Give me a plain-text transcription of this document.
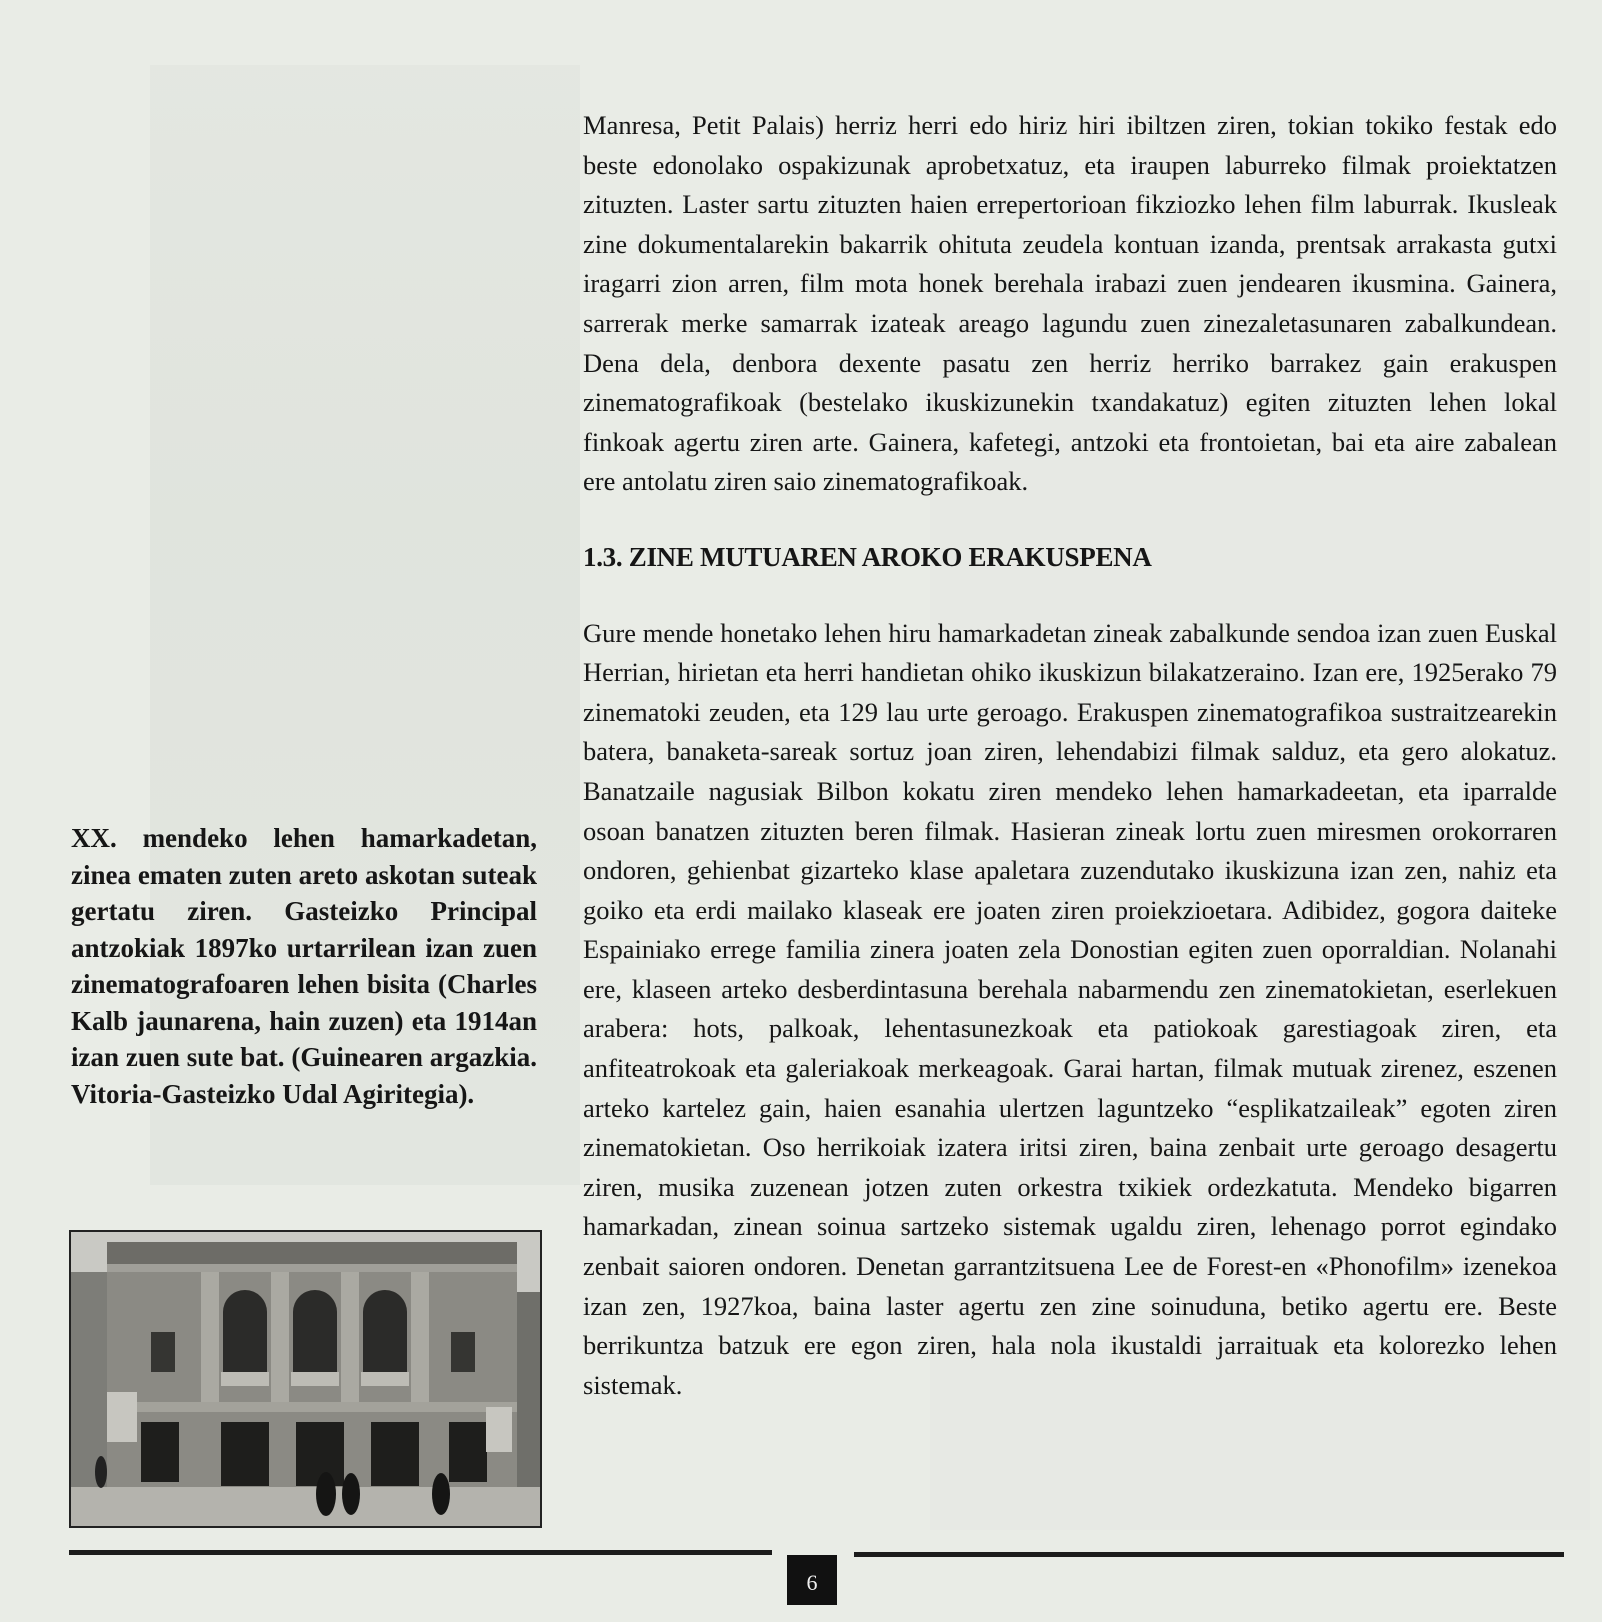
Manresa, Petit Palais) herriz herri edo hiriz hiri ibiltzen ziren, tokian tokiko festak edo beste edonolako ospakizunak aprobetxatuz, eta iraupen laburreko filmak proiektatzen zituzten. Laster sartu zituzten haien errepertorioan fikziozko lehen film laburrak. Ikusleak zine dokumentalarekin bakarrik ohituta zeudela kontuan izanda, prentsak arrakasta gutxi iragarri zion arren, film mota honek berehala irabazi zuen jendearen ikusmina. Gainera, sarrerak merke samarrak izateak areago lagundu zuen zinezaletasunaren zabalkundean. Dena dela, denbora dexente pasatu zen herriz herriko barrakez gain erakuspen zinematografikoak (bestelako ikuskizunekin txandakatuz) egiten zituzten lehen lokal finkoak agertu ziren arte. Gainera, kafetegi, antzoki eta frontoietan, bai eta aire zabalean ere antolatu ziren saio zinematografikoak.

1.3. ZINE MUTUAREN AROKO ERAKUSPENA

Gure mende honetako lehen hiru hamarkadetan zineak zabalkunde sendoa izan zuen Euskal Herrian, hirietan eta herri handietan ohiko ikuskizun bilakatzeraino. Izan ere, 1925erako 79 zinematoki zeuden, eta 129 lau urte geroago. Erakuspen zinematografikoa sustraitzearekin batera, banaketa-sareak sortuz joan ziren, lehendabizi filmak salduz, eta gero alokatuz. Banatzaile nagusiak Bilbon kokatu ziren mendeko lehen hamarkadeetan, eta iparralde osoan banatzen zituzten beren filmak. Hasieran zineak lortu zuen miresmen orokorraren ondoren, gehienbat gizarteko klase apaletara zuzendutako ikuskizuna izan zen, nahiz eta goiko eta erdi mailako klaseak ere joaten ziren proiekzioetara. Adibidez, gogora daiteke Espainiako errege familia zinera joaten zela Donostian egiten zuen oporraldian. Nolanahi ere, klaseen arteko desberdintasuna berehala nabarmendu zen zinematokietan, eserlekuen arabera: hots, palkoak, lehentasunezkoak eta patiokoak garestiagoak ziren, eta anfiteatrokoak eta galeriakoak merkeagoak. Garai hartan, filmak mutuak zirenez, eszenen arteko kartelez gain, haien esanahia ulertzen laguntzeko “esplikatzaileak” egoten ziren zinematokietan. Oso herrikoiak izatera iritsi ziren, baina zenbait urte geroago desagertu ziren, musika zuzenean jotzen zuten orkestra txikiek ordezkatuta. Mendeko bigarren hamarkadan, zinean soinua sartzeko sistemak ugaldu ziren, lehenago porrot egindako zenbait saioren ondoren. Denetan garrantzitsuena Lee de Forest-en «Phonofilm» izenekoa izan zen, 1927koa, baina laster agertu zen zine soinuduna, betiko agertu ere. Beste berrikuntza batzuk ere egon ziren, hala nola ikustaldi jarraituak eta kolorezko lehen sistemak.

XX. mendeko lehen hamarkadetan, zinea ematen zuten areto askotan suteak gertatu ziren. Gasteizko Principal antzokiak 1897ko urtarrilean izan zuen zinematografoaren lehen bisita (Charles Kalb jaunarena, hain zuzen) eta 1914an izan zuen sute bat. (Guinearen argazkia. Vitoria-Gasteizko Udal Agiritegia).

6
